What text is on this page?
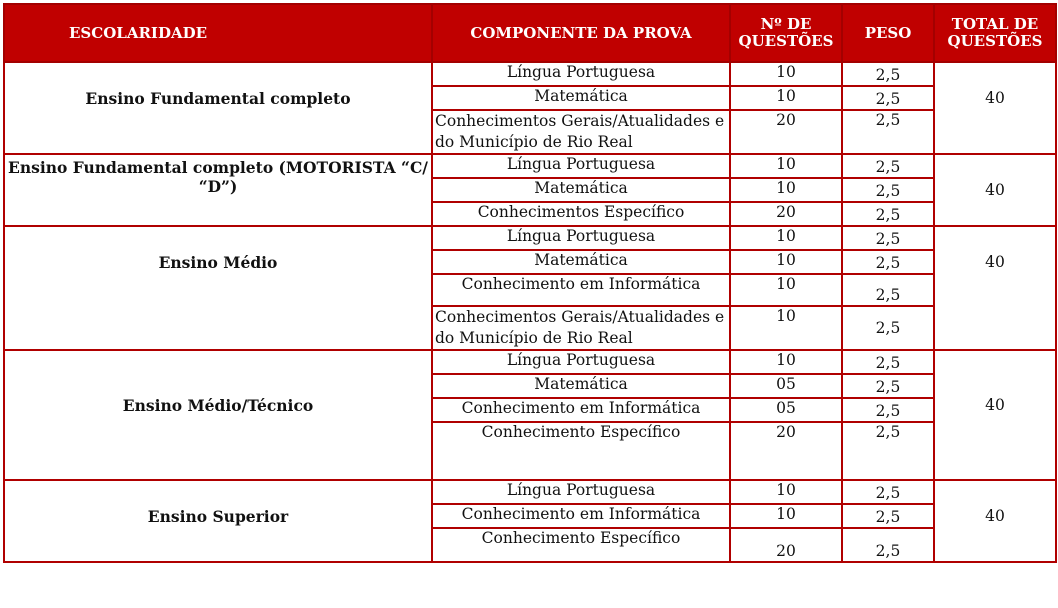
ESCOLARIDADE	COMPONENTE DA PROVA	Nº DE QUESTÕES	PESO	TOTAL DE QUESTÕES
Ensino Fundamental completo	Língua Portuguesa	10	2,5	40
	Matemática	10	2,5	
	Conhecimentos Gerais/Atualidades e do Município de Rio Real	20	2,5	
Ensino Fundamental completo (MOTORISTA “C/ “D”)	Língua Portuguesa	10	2,5	40
	Matemática	10	2,5	
	Conhecimentos Específico	20	2,5	
Ensino Médio	Língua Portuguesa	10	2,5	40
	Matemática	10	2,5	
	Conhecimento em Informática	10	2,5	
	Conhecimentos Gerais/Atualidades e do Município de Rio Real	10	2,5	
Ensino Médio/Técnico	Língua Portuguesa	10	2,5	40
	Matemática	05	2,5	
	Conhecimento em Informática	05	2,5	
	Conhecimento Específico	20	2,5	
Ensino Superior	Língua Portuguesa	10	2,5	40
	Conhecimento em Informática	10	2,5	
	Conhecimento Específico	20	2,5	
